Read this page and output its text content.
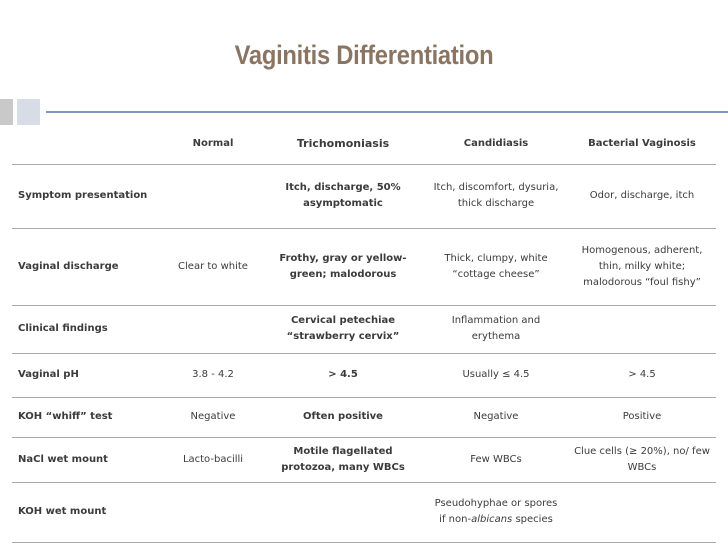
Vaginitis Differentiation
	Normal	Trichomoniasis	Candidiasis	Bacterial Vaginosis
Symptom presentation		Itch, discharge, 50% asymptomatic	Itch, discomfort, dysuria, thick discharge	Odor, discharge, itch
Vaginal discharge	Clear to white	Frothy, gray or yellow-green; malodorous	Thick, clumpy, white “cottage cheese”	Homogenous, adherent, thin, milky white; malodorous “foul fishy”
Clinical findings		Cervical petechiae “strawberry cervix”	Inflammation and erythema	
Vaginal pH	3.8 - 4.2	> 4.5	Usually ≤ 4.5	> 4.5
KOH “whiff” test	Negative	Often positive	Negative	Positive
NaCl wet mount	Lacto-bacilli	Motile flagellated protozoa, many WBCs	Few WBCs	Clue cells (≥ 20%), no/ few WBCs
KOH wet mount			Pseudohyphae or spores if non-albicans species	
